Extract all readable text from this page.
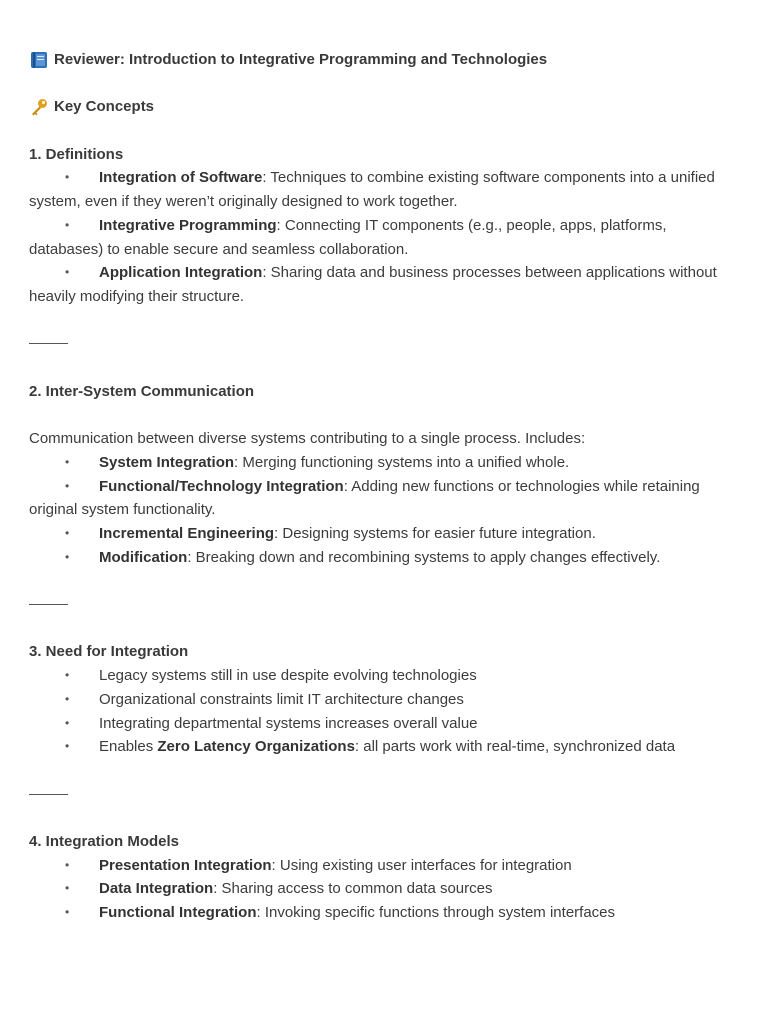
Reviewer: Introduction to Integrative Programming and Technologies

Key Concepts

1. Definitions

• Integration of Software: Techniques to combine existing software components into a unified system, even if they weren’t originally designed to work together.

• Integrative Programming: Connecting IT components (e.g., people, apps, platforms, databases) to enable secure and seamless collaboration.

• Application Integration: Sharing data and business processes between applications without heavily modifying their structure.

2. Inter-System Communication

Communication between diverse systems contributing to a single process. Includes:

• System Integration: Merging functioning systems into a unified whole.

• Functional/Technology Integration: Adding new functions or technologies while retaining original system functionality.

• Incremental Engineering: Designing systems for easier future integration.

• Modification: Breaking down and recombining systems to apply changes effectively.

3. Need for Integration

• Legacy systems still in use despite evolving technologies

• Organizational constraints limit IT architecture changes

• Integrating departmental systems increases overall value

• Enables Zero Latency Organizations: all parts work with real-time, synchronized data

4. Integration Models

• Presentation Integration: Using existing user interfaces for integration

• Data Integration: Sharing access to common data sources

• Functional Integration: Invoking specific functions through system interfaces
